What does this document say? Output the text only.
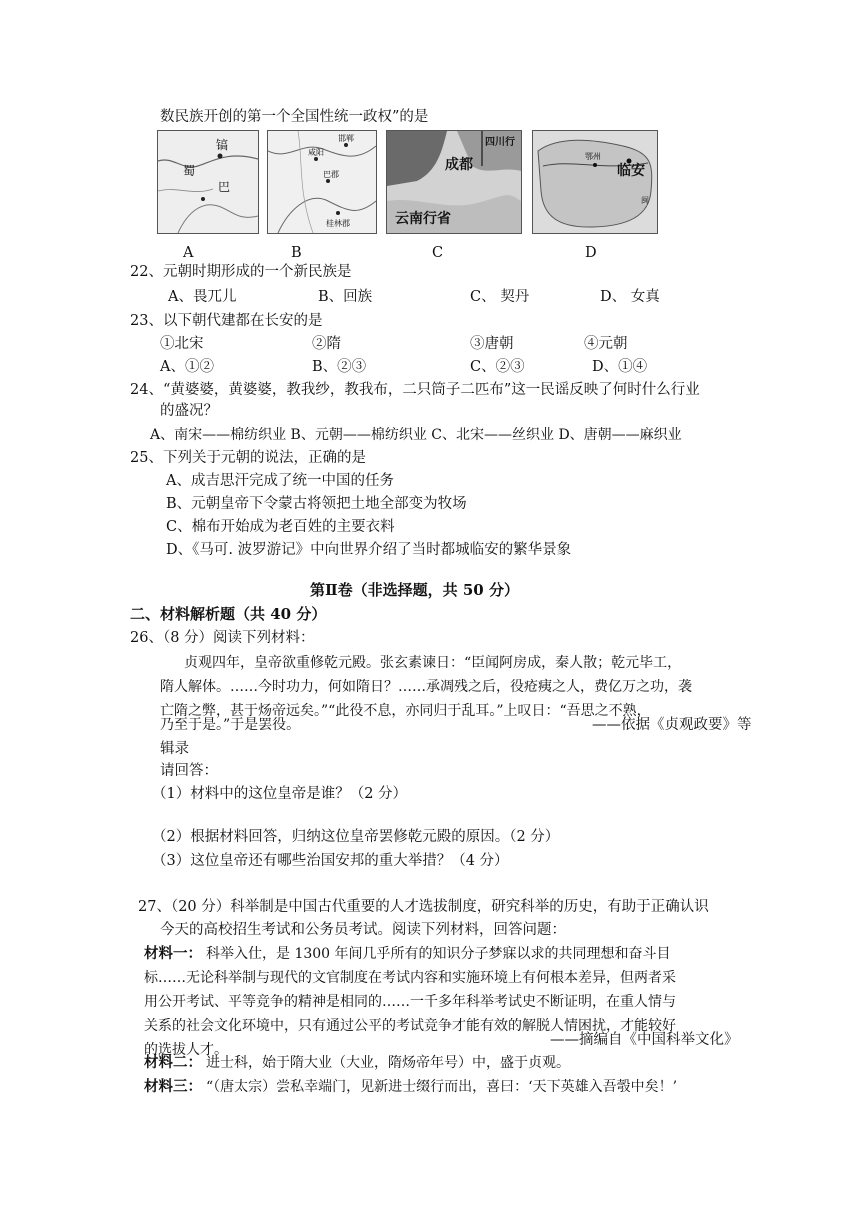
数民族开创的第一个全国性统一政权”的是
镐
蜀
巴
A
邯郸
咸阳
巴郡
桂林郡
B
成都
四川行
云南行省
C
临安
鄂州
闽
D
22、元朝时期形成的一个新民族是
A、畏兀儿	B、回族	C、 契丹	D、 女真
23、以下朝代建都在长安的是
①北宋	②隋	③唐朝	④元朝
A、①②	B、②③	C、②③	D、①④
24、“黄婆婆，黄婆婆，教我纱，教我布，二只筒子二匹布”这一民谣反映了何时什么行业
的盛况？
A、南宋——棉纺织业 B、元朝——棉纺织业 C、北宋——丝织业 D、唐朝——麻织业
25、下列关于元朝的说法，正确的是
A、成吉思汗完成了统一中国的任务
B、元朝皇帝下令蒙古将领把土地全部变为牧场
C、棉布开始成为老百姓的主要衣料
D、《马可. 波罗游记》中向世界介绍了当时都城临安的繁华景象
第Ⅱ卷（非选择题，共 50 分）
二、材料解析题（共 40 分）
26、（8 分）阅读下列材料：
贞观四年，皇帝欲重修乾元殿。张玄素谏日：“臣闻阿房成，秦人散；乾元毕工，
隋人解体。……今时功力，何如隋日？……承凋残之后，役疮痍之人，费亿万之功，袭
亡隋之弊，甚于炀帝远矣。”“此役不息，亦同归于乱耳。”上叹日：“吾思之不熟，
乃至于是。”于是罢役。	——依据《贞观政要》等
辑录
请回答：
（1）材料中的这位皇帝是谁？（2 分）
（2）根据材料回答，归纳这位皇帝罢修乾元殿的原因。（2 分）
（3）这位皇帝还有哪些治国安邦的重大举措？（4 分）
27、（20 分）科举制是中国古代重要的人才选拔制度，研究科举的历史，有助于正确认识
今天的高校招生考试和公务员考试。阅读下列材料，回答问题：
材料一： 科举入仕，是 1300 年间几乎所有的知识分子梦寐以求的共同理想和奋斗目
标……无论科举制与现代的文官制度在考试内容和实施环境上有何根本差异，但两者采
用公开考试、平等竞争的精神是相同的……一千多年科举考试史不断证明，在重人情与
关系的社会文化环境中，只有通过公平的考试竞争才能有效的解脱人情困扰，才能较好
的选拔人才。
——摘编自《中国科举文化》
材料二： 进士科，始于隋大业（大业，隋炀帝年号）中，盛于贞观。
材料三： “（唐太宗）尝私幸端门，见新进士缀行而出，喜曰：‘天下英雄入吾彀中矣！’
